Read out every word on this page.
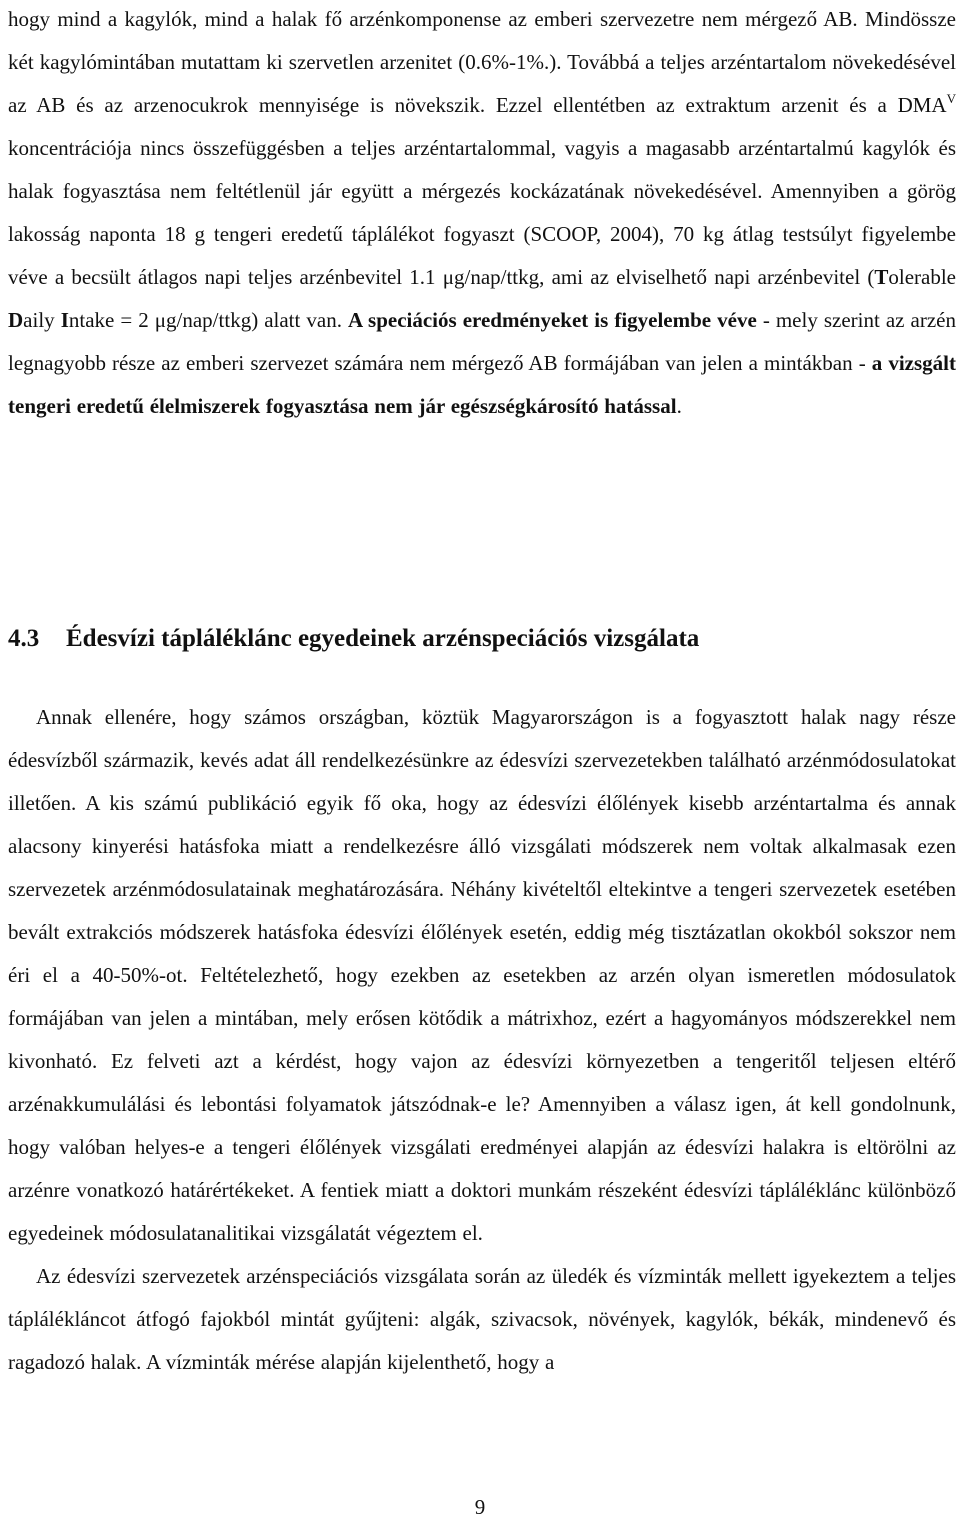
hogy mind a kagylók, mind a halak fő arzénkomponense az emberi szervezetre nem mérgező AB. Mindössze két kagylómintában mutattam ki szervetlen arzenitet (0.6%-1%.). Továbbá a teljes arzéntartalom növekedésével az AB és az arzenocukrok mennyisége is növekszik. Ezzel ellentétben az extraktum arzenit és a $DMA^V$ koncentrációja nincs összefüggésben a teljes arzéntartalommal, vagyis a magasabb arzéntartalmú kagylók és halak fogyasztása nem feltétlenül jár együtt a mérgezés kockázatának növekedésével. Amennyiben a görög lakosság naponta 18 g tengeri eredetű táplálékot fogyaszt (SCOOP, 2004), 70 kg átlag testsúlyt figyelembe véve a becsült átlagos napi teljes arzénbevitel 1.1 μg/nap/ttkg, ami az elviselhető napi arzénbevitel (Tolerable Daily Intake = 2 μg/nap/ttkg) alatt van. A speciációs eredményeket is figyelembe véve - mely szerint az arzén legnagyobb része az emberi szervezet számára nem mérgező AB formájában van jelen a mintákban - a vizsgált tengeri eredetű élelmiszerek fogyasztása nem jár egészségkárosító hatással.

4.3 Édesvízi tápláléklánc egyedeinek arzénspeciációs vizsgálata

Annak ellenére, hogy számos országban, köztük Magyarországon is a fogyasztott halak nagy része édesvízből származik, kevés adat áll rendelkezésünkre az édesvízi szervezetekben található arzénmódosulatokat illetően. A kis számú publikáció egyik fő oka, hogy az édesvízi élőlények kisebb arzéntartalma és annak alacsony kinyerési hatásfoka miatt a rendelkezésre álló vizsgálati módszerek nem voltak alkalmasak ezen szervezetek arzénmódosulatainak meghatározására. Néhány kivételtől eltekintve a tengeri szervezetek esetében bevált extrakciós módszerek hatásfoka édesvízi élőlények esetén, eddig még tisztázatlan okokból sokszor nem éri el a 40-50%-ot. Feltételezhető, hogy ezekben az esetekben az arzén olyan ismeretlen módosulatok formájában van jelen a mintában, mely erősen kötődik a mátrixhoz, ezért a hagyományos módszerekkel nem kivonható. Ez felveti azt a kérdést, hogy vajon az édesvízi környezetben a tengeritől teljesen eltérő arzénakkumulálási és lebontási folyamatok játszódnak-e le? Amennyiben a válasz igen, át kell gondolnunk, hogy valóban helyes-e a tengeri élőlények vizsgálati eredményei alapján az édesvízi halakra is eltörölni az arzénre vonatkozó határértékeket. A fentiek miatt a doktori munkám részeként édesvízi tápláléklánc különböző egyedeinek módosulatanalitikai vizsgálatát végeztem el.

Az édesvízi szervezetek arzénspeciációs vizsgálata során az üledék és vízminták mellett igyekeztem a teljes táplálékláncot átfogó fajokból mintát gyűjteni: algák, szivacsok, növények, kagylók, békák, mindenevő és ragadozó halak. A vízminták mérése alapján kijelenthető, hogy a

9
